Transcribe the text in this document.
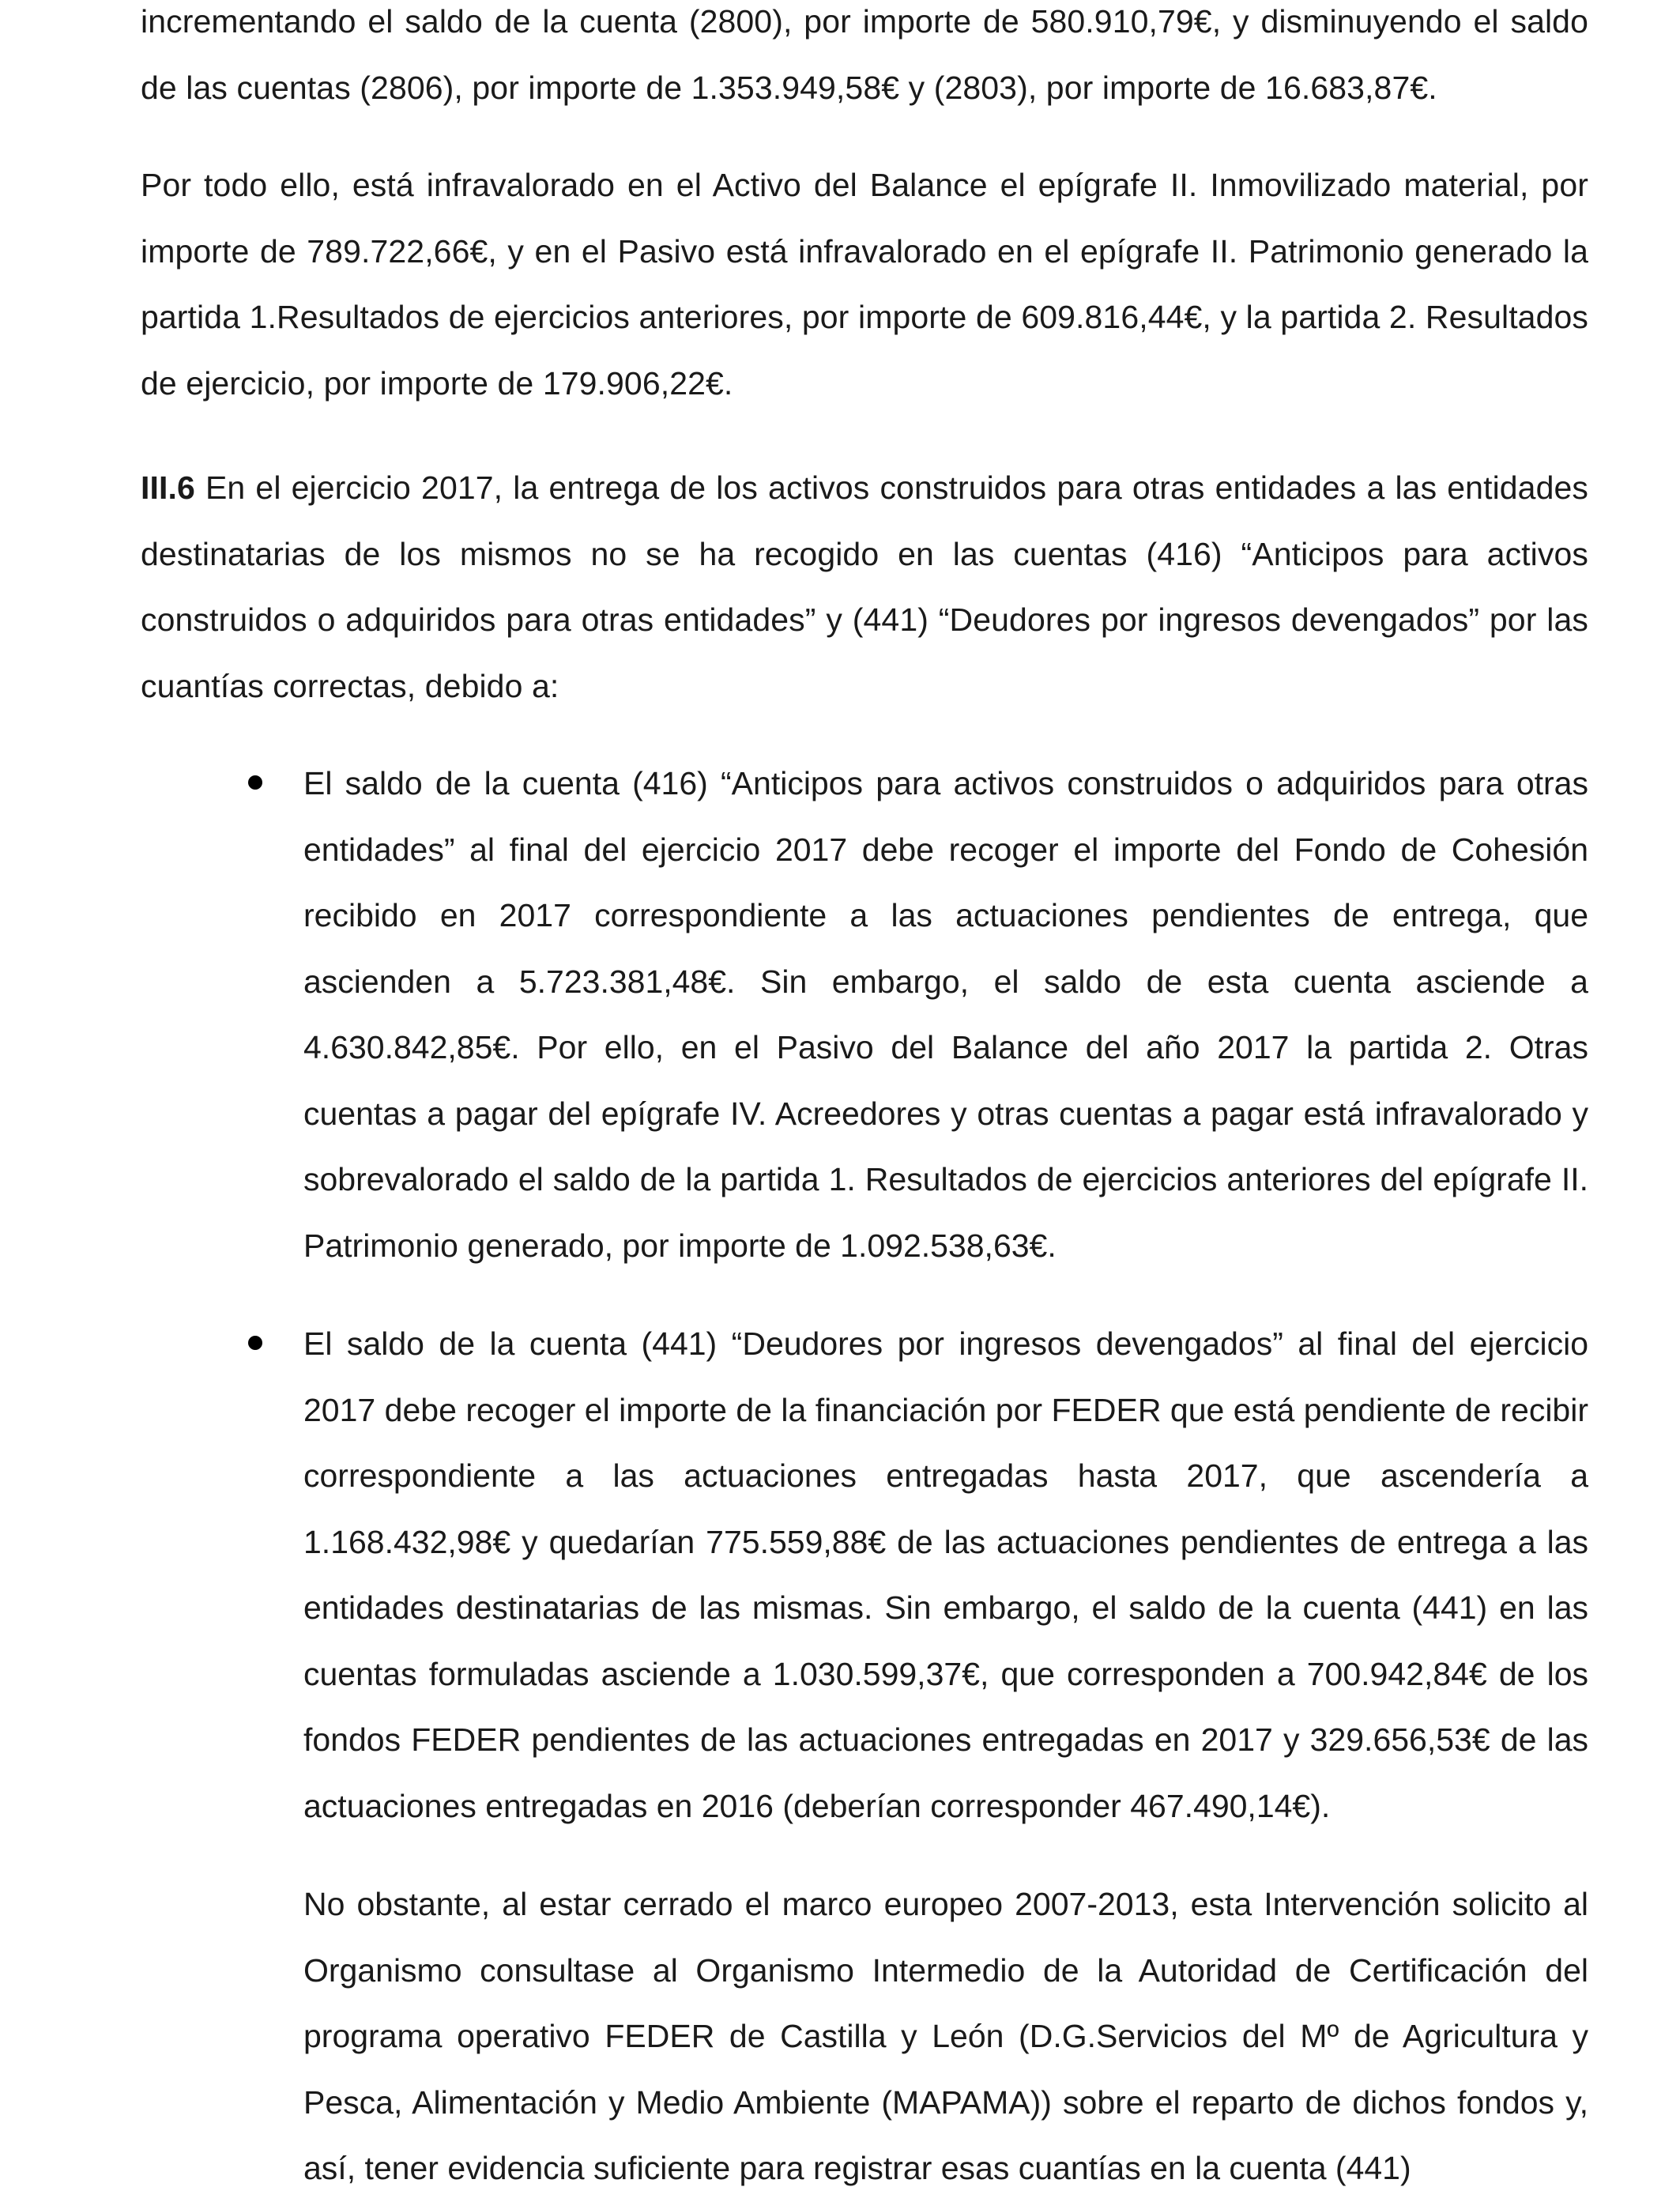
incrementando el saldo de la cuenta (2800), por importe de 580.910,79€, y disminuyendo el saldo de las cuentas (2806), por importe de 1.353.949,58€ y (2803), por importe de 16.683,87€.

Por todo ello, está infravalorado en el Activo del Balance el epígrafe II. Inmovilizado material, por importe de 789.722,66€, y en el Pasivo está infravalorado en el epígrafe II. Patrimonio generado la partida 1.Resultados de ejercicios anteriores, por importe de 609.816,44€, y la partida 2. Resultados de ejercicio, por importe de 179.906,22€.

III.6 En el ejercicio 2017, la entrega de los activos construidos para otras entidades a las entidades destinatarias de los mismos no se ha recogido en las cuentas (416) “Anticipos para activos construidos o adquiridos para otras entidades” y (441) “Deudores por ingresos devengados” por las cuantías correctas, debido a:

El saldo de la cuenta (416) “Anticipos para activos construidos o adquiridos para otras entidades” al final del ejercicio 2017 debe recoger el importe del Fondo de Cohesión recibido en 2017 correspondiente a las actuaciones pendientes de entrega, que ascienden a 5.723.381,48€. Sin embargo, el saldo de esta cuenta asciende a 4.630.842,85€. Por ello, en el Pasivo del Balance del año 2017 la partida 2. Otras cuentas a pagar del epígrafe IV. Acreedores y otras cuentas a pagar está infravalorado y sobrevalorado el saldo de la partida 1. Resultados de ejercicios anteriores del epígrafe II. Patrimonio generado, por importe de 1.092.538,63€.
El saldo de la cuenta (441) “Deudores por ingresos devengados” al final del ejercicio 2017 debe recoger el importe de la financiación por FEDER que está pendiente de recibir correspondiente a las actuaciones entregadas hasta 2017, que ascendería a 1.168.432,98€ y quedarían 775.559,88€ de las actuaciones pendientes de entrega a las entidades destinatarias de las mismas. Sin embargo, el saldo de la cuenta (441) en las cuentas formuladas asciende a 1.030.599,37€, que corresponden a 700.942,84€ de los fondos FEDER pendientes de las actuaciones entregadas en 2017 y 329.656,53€ de las actuaciones entregadas en 2016 (deberían corresponder 467.490,14€).

No obstante, al estar cerrado el marco europeo 2007-2013, esta Intervención solicito al Organismo consultase al Organismo Intermedio de la Autoridad de Certificación del programa operativo FEDER de Castilla y León (D.G.Servicios del Mº de Agricultura y Pesca, Alimentación y Medio Ambiente (MAPAMA)) sobre el reparto de dichos fondos y, así, tener evidencia suficiente para registrar esas cuantías en la cuenta (441)
